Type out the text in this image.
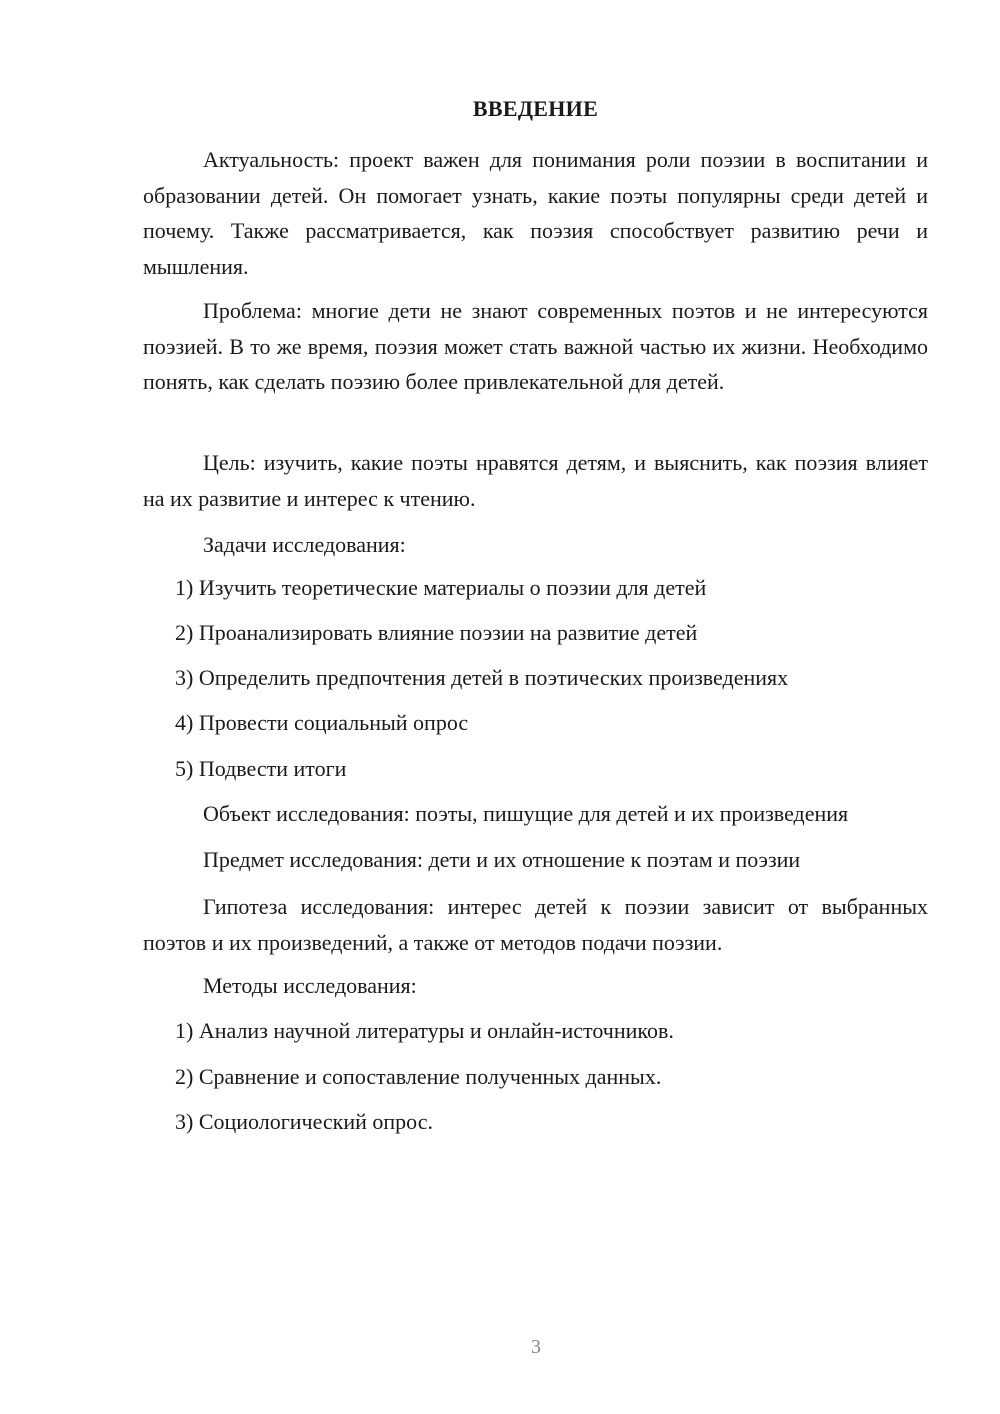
ВВЕДЕНИЕ

Актуальность: проект важен для понимания роли поэзии в воспитании и образовании детей. Он помогает узнать, какие поэты популярны среди детей и почему. Также рассматривается, как поэзия способствует развитию речи и мышления.

Проблема: многие дети не знают современных поэтов и не интересуются поэзией. В то же время, поэзия может стать важной частью их жизни. Необходимо понять, как сделать поэзию более привлекательной для детей.

Цель: изучить, какие поэты нравятся детям, и выяснить, как поэзия влияет на их развитие и интерес к чтению.

Задачи исследования:
1) Изучить теоретические материалы о поэзии для детей
2) Проанализировать влияние поэзии на развитие детей
3) Определить предпочтения детей в поэтических произведениях
4) Провести социальный опрос
5) Подвести итоги
Объект исследования: поэты, пишущие для детей и их произведения
Предмет исследования: дети и их отношение к поэтам и поэзии

Гипотеза исследования: интерес детей к поэзии зависит от выбранных поэтов и их произведений, а также от методов подачи поэзии.

Методы исследования:
1) Анализ научной литературы и онлайн-источников.
2) Сравнение и сопоставление полученных данных.
3) Социологический опрос.
3
